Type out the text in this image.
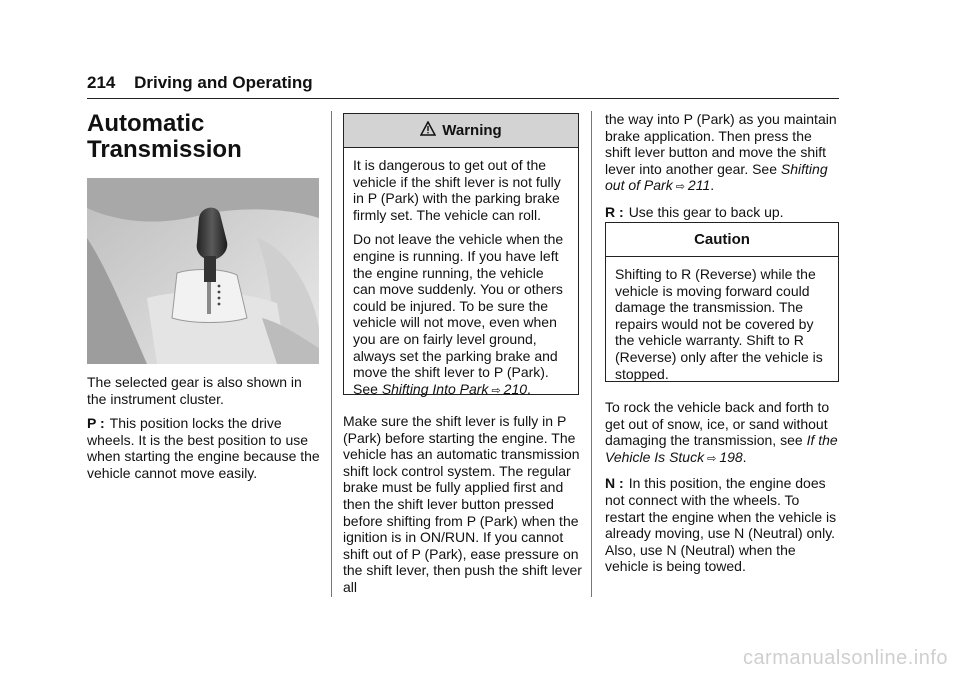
214 Driving and Operating
Automatic Transmission

The selected gear is also shown in the instrument cluster.

P : This position locks the drive wheels. It is the best position to use when starting the engine because the vehicle cannot move easily.

Warning

It is dangerous to get out of the vehicle if the shift lever is not fully in P (Park) with the parking brake firmly set. The vehicle can roll.

Do not leave the vehicle when the engine is running. If you have left the engine running, the vehicle can move suddenly. You or others could be injured. To be sure the vehicle will not move, even when you are on fairly level ground, always set the parking brake and move the shift lever to P (Park). See Shifting Into Park ⇨ 210.

Make sure the shift lever is fully in P (Park) before starting the engine. The vehicle has an automatic transmission shift lock control system. The regular brake must be fully applied first and then the shift lever button pressed before shifting from P (Park) when the ignition is in ON/RUN. If you cannot shift out of P (Park), ease pressure on the shift lever, then push the shift lever all

the way into P (Park) as you maintain brake application. Then press the shift lever button and move the shift lever into another gear. See Shifting out of Park ⇨ 211.

R : Use this gear to back up.

Caution

Shifting to R (Reverse) while the vehicle is moving forward could damage the transmission. The repairs would not be covered by the vehicle warranty. Shift to R (Reverse) only after the vehicle is stopped.

To rock the vehicle back and forth to get out of snow, ice, or sand without damaging the transmission, see If the Vehicle Is Stuck ⇨ 198.

N : In this position, the engine does not connect with the wheels. To restart the engine when the vehicle is already moving, use N (Neutral) only. Also, use N (Neutral) when the vehicle is being towed.

carmanualsonline.info
